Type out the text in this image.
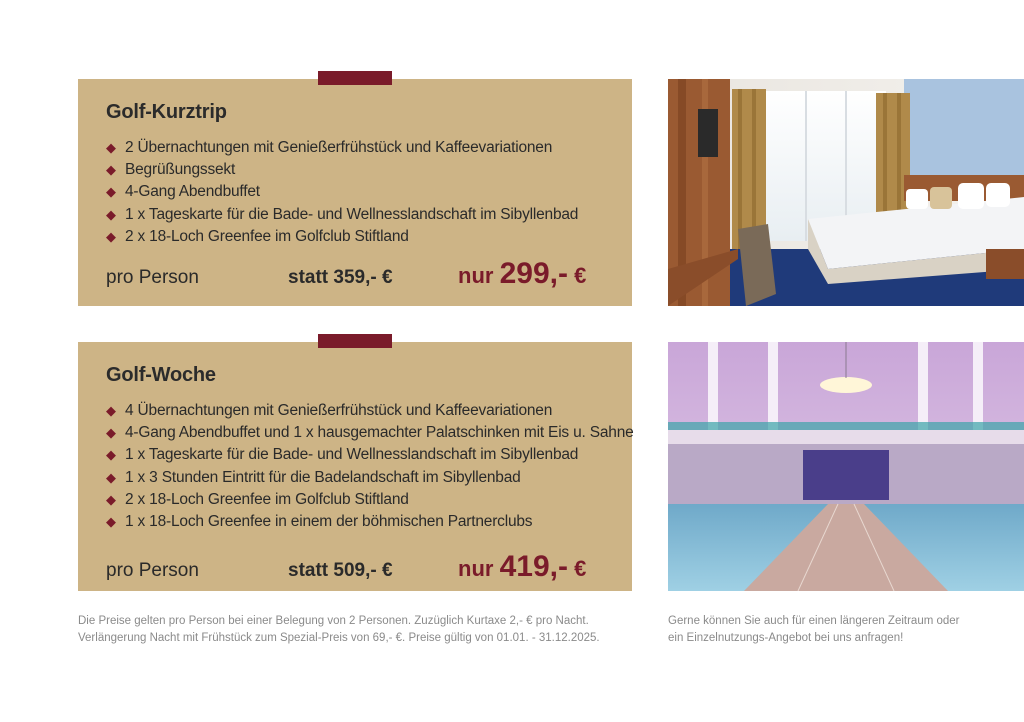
Golf-Kurztrip
◆ 2 Übernachtungen mit Genießerfrühstück und Kaffeevariationen
◆ Begrüßungssekt
◆ 4-Gang Abendbuffet
◆ 1 x Tageskarte für die Bade- und Wellnesslandschaft im Sibyllenbad
◆ 2 x 18-Loch Greenfee im Golfclub Stiftland
pro Person	statt 359,- €	nur 299,- €
Golf-Woche
◆ 4 Übernachtungen mit Genießerfrühstück und Kaffeevariationen
◆ 4-Gang Abendbuffet und 1 x hausgemachter Palatschinken mit Eis u. Sahne
◆ 1 x Tageskarte für die Bade- und Wellnesslandschaft im Sibyllenbad
◆ 1 x 3 Stunden Eintritt für die Badelandschaft im Sibyllenbad
◆ 2 x 18-Loch Greenfee im Golfclub Stiftland
◆ 1 x 18-Loch Greenfee in einem der böhmischen Partnerclubs
pro Person	statt 509,- €	nur 419,- €
Die Preise gelten pro Person bei einer Belegung von 2 Personen. Zuzüglich Kurtaxe 2,- € pro Nacht.
Verlängerung Nacht mit Frühstück zum Spezial-Preis von 69,- €. Preise gültig von 01.01. - 31.12.2025.
Gerne können Sie auch für einen längeren Zeitraum oder
ein Einzelnutzungs-Angebot bei uns anfragen!
